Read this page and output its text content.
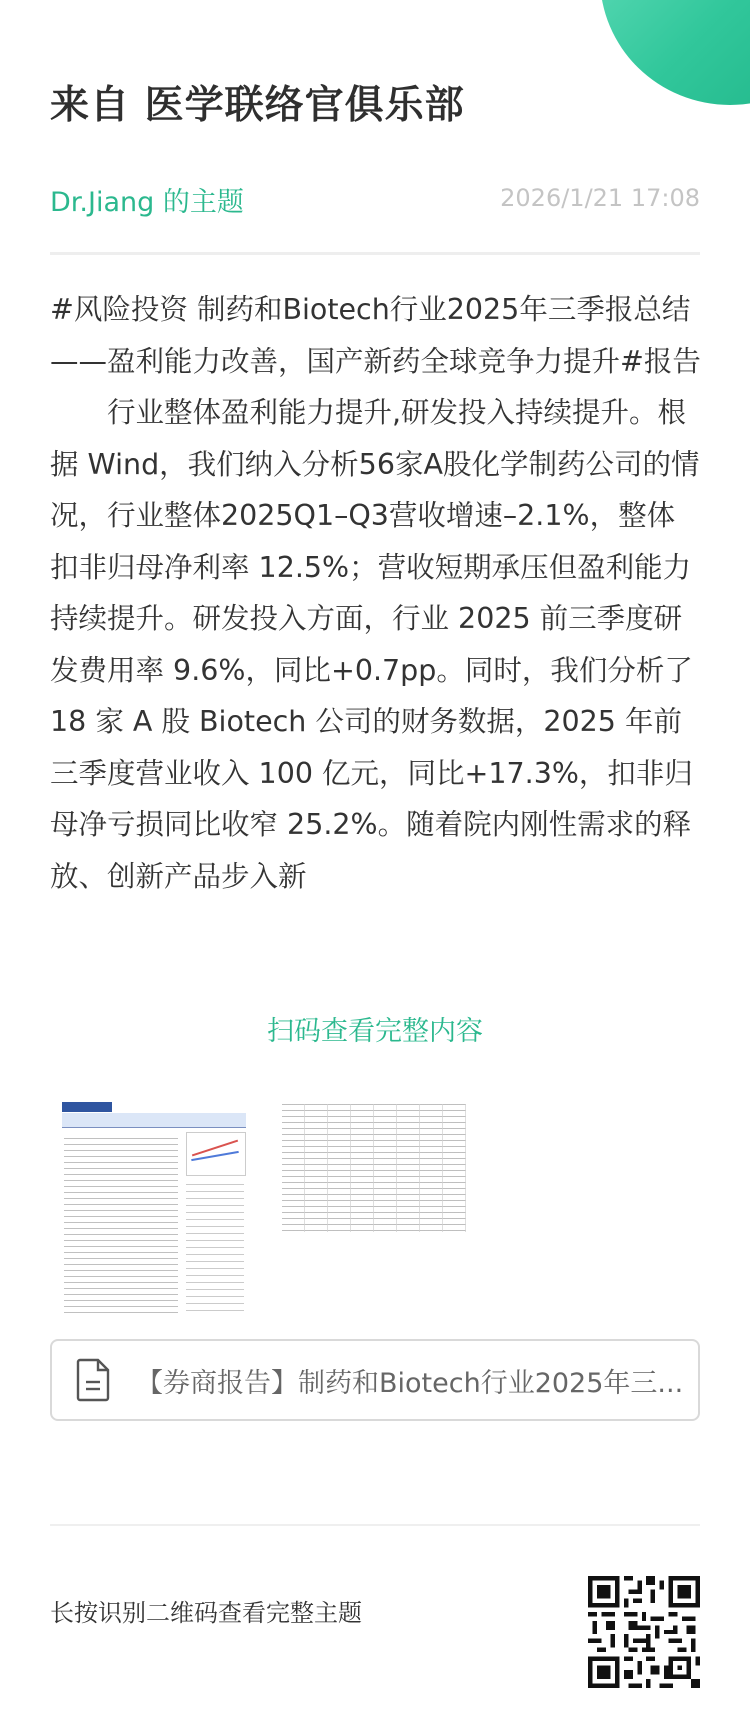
来自 医学联络官俱乐部
Dr.Jiang 的主题	2026/1/21 17:08

#风险投资 制药和Biotech行业2025年三季报总结——盈利能力改善，国产新药全球竞争力提升#报告

行业整体盈利能力提升,研发投入持续提升。根据 Wind，我们纳入分析56家A股化学制药公司的情况，行业整体2025Q1–Q3营收增速–2.1%，整体扣非归母净利率 12.5%；营收短期承压但盈利能力持续提升。研发投入方面，行业 2025 前三季度研发费用率 9.6%，同比+0.7pp。同时，我们分析了 18 家 A 股 Biotech 公司的财务数据，2025 年前三季度营业收入 100 亿元，同比+17.3%，扣非归母净亏损同比收窄 25.2%。随着院内刚性需求的释放、创新产品步入新

扫码查看完整内容
【券商报告】制药和Biotech行业2025年三...
长按识别二维码查看完整主题
